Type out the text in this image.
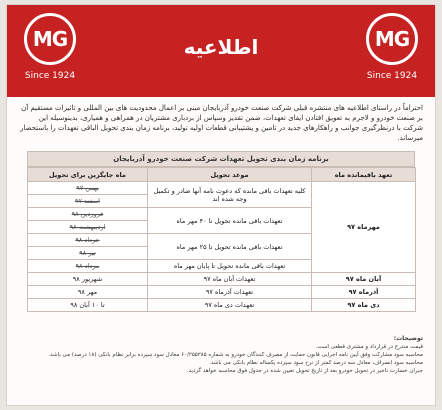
MG
Since 1924
اطلاعیه	MG
Since 1924
احتراماً در راستای اطلاعیه های منتشره قبلی شرکت صنعت خودرو آذربایجان مبنی بر اعمال محدودیت های بین المللی و تاثیرات مستقیم آن بر صنعت خودرو و لاجرم به تعویق افتادن ایفای تعهدات، ضمن تقدیر وسپاس از بردباری مشتریان در همراهی و همیاری، بدینوسیله این شرکت با درنظرگیری جوانب و راهکارهای جدید در تامین و پشتیبانی قطعات اولیه تولید، برنامه زمان بندی تحویل الباقی تعهدات را باستحضار میرساند.
برنامه زمان بندی تحویل تعهدات شرکت صنعت خودرو آذربایجان
تعهد باقیمانده ماه	موعد تحویل	ماه جایگزین برای تحویل
مهرماه ۹۷	کلیه تعهدات باقی مانده که دعوت نامه آنها صادر و تکمیل وجه شده اند	بهمن ۹۷
		اسفند ۹۷
	تعهدات باقی مانده تحویل تا ۴۰ مهر ماه	فروردین ۹۸
		اردیبهشت ۹۸
	تعهدات باقی مانده تحویل تا ۲۵ مهر ماه	خرداد ۹۸
		تیر ۹۸
	تعهدات باقی مانده تحویل تا پایان مهر ماه	مرداد ۹۸
آبان ماه ۹۷	تعهدات آبان ماه ۹۷	شهریور ۹۸
آذرماه ۹۷	تعهدات آذرماه ۹۷	مهر ۹۸
دی ماه ۹۷	تعهدات دی ماه ۹۷	تا ۱۰ آبان ۹۸
توضیحات:
قیمت مندرج در قرارداد و مشتری قطعی است.
محاسبه سود مشارکت وفق آیین نامه اجرایی قانون حمایت از مصرف کنندگان خودرو به شماره ۶۰/۲۵۵۲۸۵ معادل سود سپرده برابر نظام بانکی (۱۸ درصد) می باشد.
محاسبه سود انصراف، معادل سه درصد کمتر از نرخ سود سپرده یکساله نظام بانکی می باشد.
جبران خسارت تاخیر در تحویل خودرو بعد از تاریخ تحویل تعیین شده در جدول فوق محاسبه خواهد گردید.
